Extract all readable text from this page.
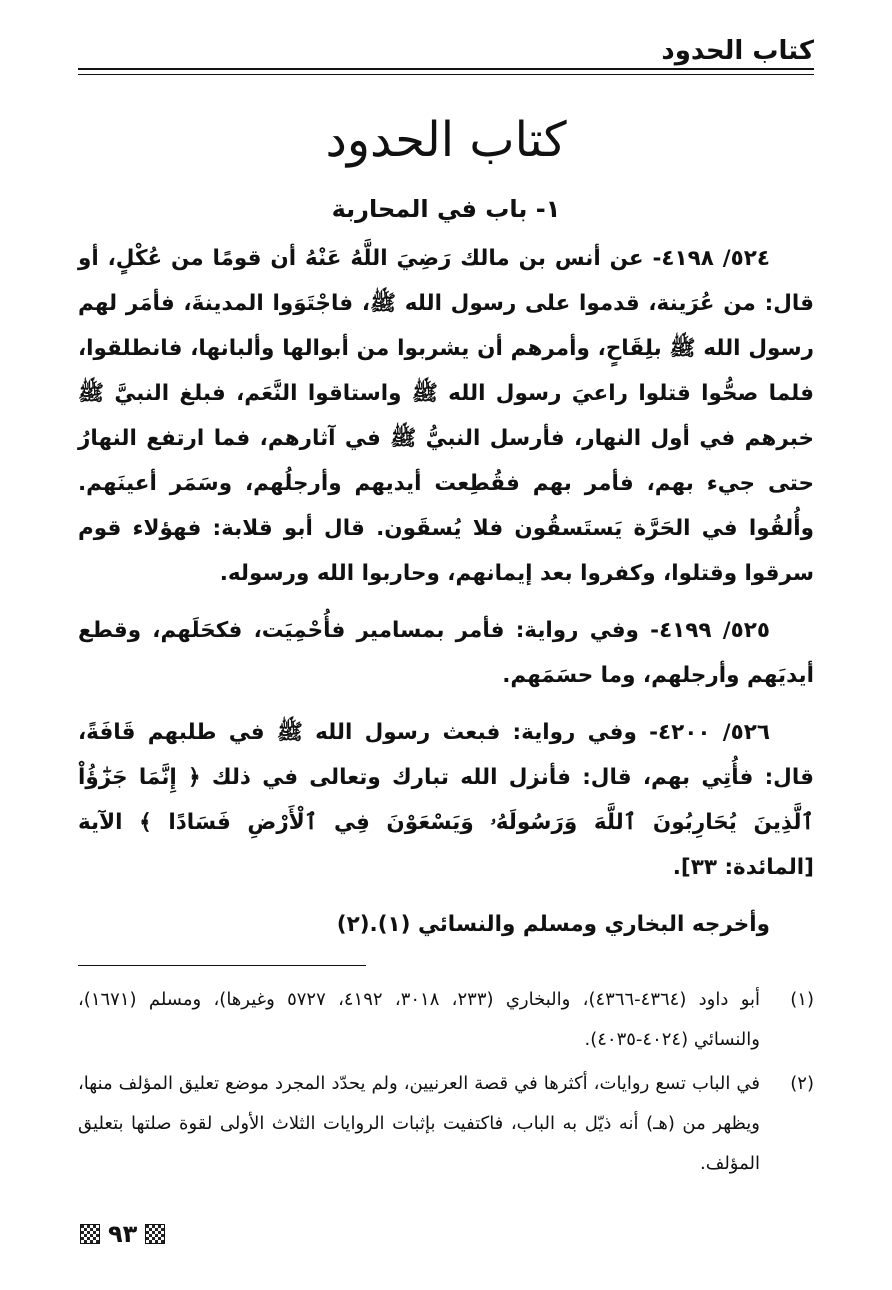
كتاب الحدود
كتاب الحدود
١- باب في المحاربة

٥٢٤/ ٤١٩٨- عن أنس بن مالك رَضِيَ اللَّهُ عَنْهُ أن قومًا من عُكْلٍ، أو قال: من عُرَينة، قدموا على رسول الله ﷺ، فاجْتَوَوا المدينةَ، فأمَر لهم رسول الله ﷺ بلِقَاحٍ، وأمرهم أن يشربوا من أبوالها وألبانها، فانطلقوا، فلما صحُّوا قتلوا راعيَ رسول الله ﷺ واستاقوا النَّعَم، فبلغ النبيَّ ﷺ خبرهم في أول النهار، فأرسل النبيُّ ﷺ في آثارهم، فما ارتفع النهارُ حتى جيء بهم، فأمر بهم فقُطِعت أيديهم وأرجلُهم، وسَمَر أعينَهم. وأُلقُوا في الحَرَّة يَستَسقُون فلا يُسقَون. قال أبو قلابة: فهؤلاء قوم سرقوا وقتلوا، وكفروا بعد إيمانهم، وحاربوا الله ورسوله.

٥٢٥/ ٤١٩٩- وفي رواية: فأمر بمسامير فأُحْمِيَت، فكحَلَهم، وقطع أيديَهم وأرجلهم، وما حسَمَهم.

٥٢٦/ ٤٢٠٠- وفي رواية: فبعث رسول الله ﷺ في طلبهم قَافَةً، قال: فأُتِي بهم، قال: فأنزل الله تبارك وتعالى في ذلك ﴿ إِنَّمَا جَزَٰٓؤُاْ ٱلَّذِينَ يُحَارِبُونَ ٱللَّهَ وَرَسُولَهُۥ وَيَسْعَوْنَ فِي ٱلْأَرْضِ فَسَادًا ﴾ الآية [المائدة: ٣٣].

وأخرجه البخاري ومسلم والنسائي (١).(٢)

(١)
أبو داود (٤٣٦٤-٤٣٦٦)، والبخاري (٢٣٣، ٣٠١٨، ٤١٩٢، ٥٧٢٧ وغيرها)، ومسلم (١٦٧١)، والنسائي (٤٠٢٤-٤٠٣٥).
(٢)
في الباب تسع روايات، أكثرها في قصة العرنيين، ولم يحدّد المجرد موضع تعليق المؤلف منها، ويظهر من (هـ) أنه ذيّل به الباب، فاكتفيت بإثبات الروايات الثلاث الأولى لقوة صلتها بتعليق المؤلف.
٩٣
